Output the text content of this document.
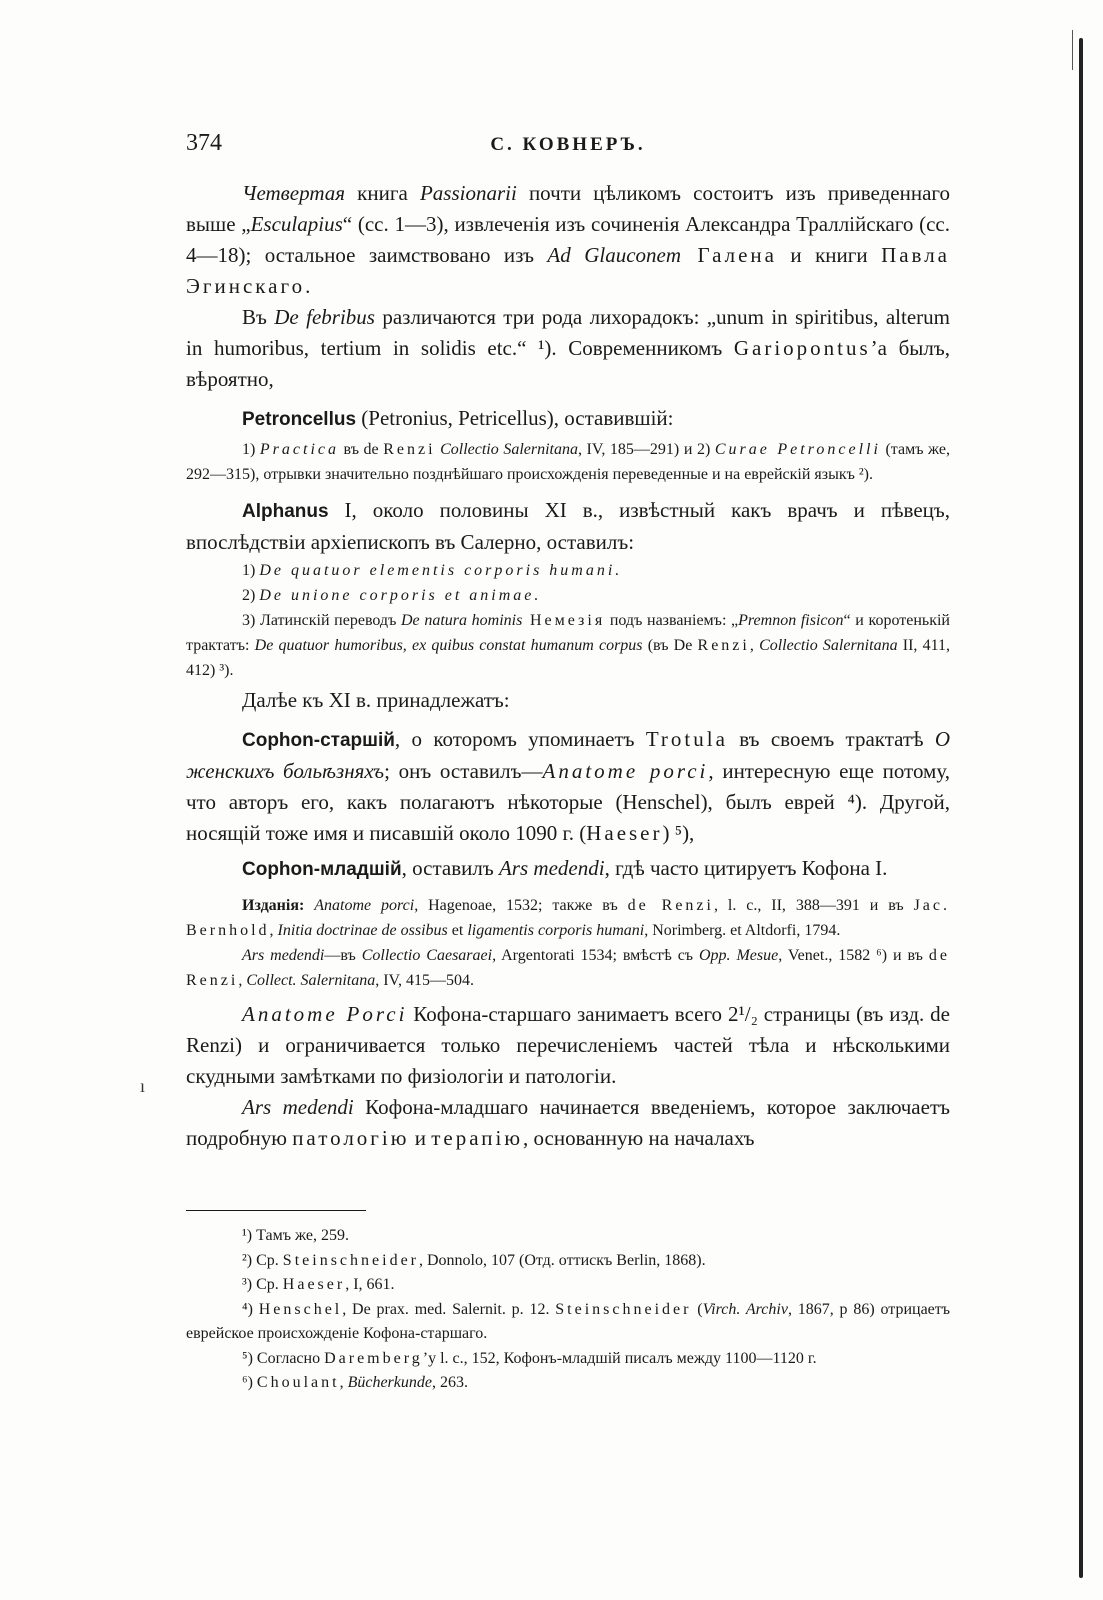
374	С. КОВНЕРЪ.

Четвертая книга Passionarii почти цѣликомъ состоитъ изъ приведеннаго выше „Esculapius“ (cc. 1—3), извлеченія изъ сочиненія Александра Траллійскаго (cc. 4—18); остальное заимствовано изъ Ad Glauconem Галена и книги Павла Эгинскаго.

Въ De febribus различаются три рода лихорадокъ: „unum in spiritibus, alterum in humoribus, tertium in solidis etc.“ ¹). Современникомъ Gariopontus’а былъ, вѣроятно,

Petroncellus (Petronius, Petricellus), оставившій:

1) Practica въ de Renzi Collectio Salernitana, IV, 185—291) и 2) Curae Petroncelli (тамъ же, 292—315), отрывки значительно позднѣйшаго происхожденія переведенные и на еврейскій языкъ ²).

Alphanus I, около половины XI в., извѣстный какъ врачъ и пѣвецъ, впослѣдствіи архіепископъ въ Салерно, оставилъ:

1) De quatuor elementis corporis humani.

2) De unione corporis et animae.

3) Латинскій переводъ De natura hominis Немезія подъ названіемъ: „Premnon fisicon“ и коротенькій трактатъ: De quatuor humoribus, ex quibus constat humanum corpus (въ De Renzi, Collectio Salernitana II, 411, 412) ³).

Далѣе къ XI в. принадлежатъ:

Cophon-старшій, о которомъ упоминаетъ Trotula въ своемъ трактатѣ О женскихъ больѣзняхъ; онъ оставилъ—Anatome porci, интересную еще потому, что авторъ его, какъ полагаютъ нѣкоторые (Henschel), былъ еврей ⁴). Другой, носящій тоже имя и писавшій около 1090 г. (Haeser) ⁵),

Cophon-младшій, оставилъ Ars medendi, гдѣ часто цитируетъ Кофона I.

Изданія: Anatome porci, Hagenoae, 1532; также въ de Renzi, l. c., II, 388—391 и въ Jac. Bernhold, Initia doctrinae de ossibus et ligamentis corporis humani, Norimberg. et Altdorfi, 1794.

Ars medendi—въ Collectio Caesaraei, Argentorati 1534; вмѣстѣ съ Opp. Mesue, Venet., 1582 ⁶) и въ de Renzi, Collect. Salernitana, IV, 415—504.

Anatome Porci Кофона-старшаго занимаетъ всего 2¹/₂ страницы (въ изд. de Renzi) и ограничивается только перечисленіемъ частей тѣла и нѣсколькими скудными замѣтками по физіологіи и патологіи.

Ars medendi Кофона-младшаго начинается введеніемъ, которое заключаетъ подробную патологію и терапію, основанную на началахъ

ı

¹) Тамъ же, 259.

²) Cp. Steinschneider, Donnolo, 107 (Отд. оттискъ Berlin, 1868).

³) Cp. Haeser, I, 661.

⁴) Henschel, De prax. med. Salernit. p. 12. Steinschneider (Virch. Archiv, 1867, p 86) отрицаетъ еврейское происхожденіе Кофона-старшаго.

⁵) Согласно Daremberg’у l. c., 152, Кофонъ-младшій писалъ между 1100—1120 г.

⁶) Choulant, Bücherkunde, 263.
